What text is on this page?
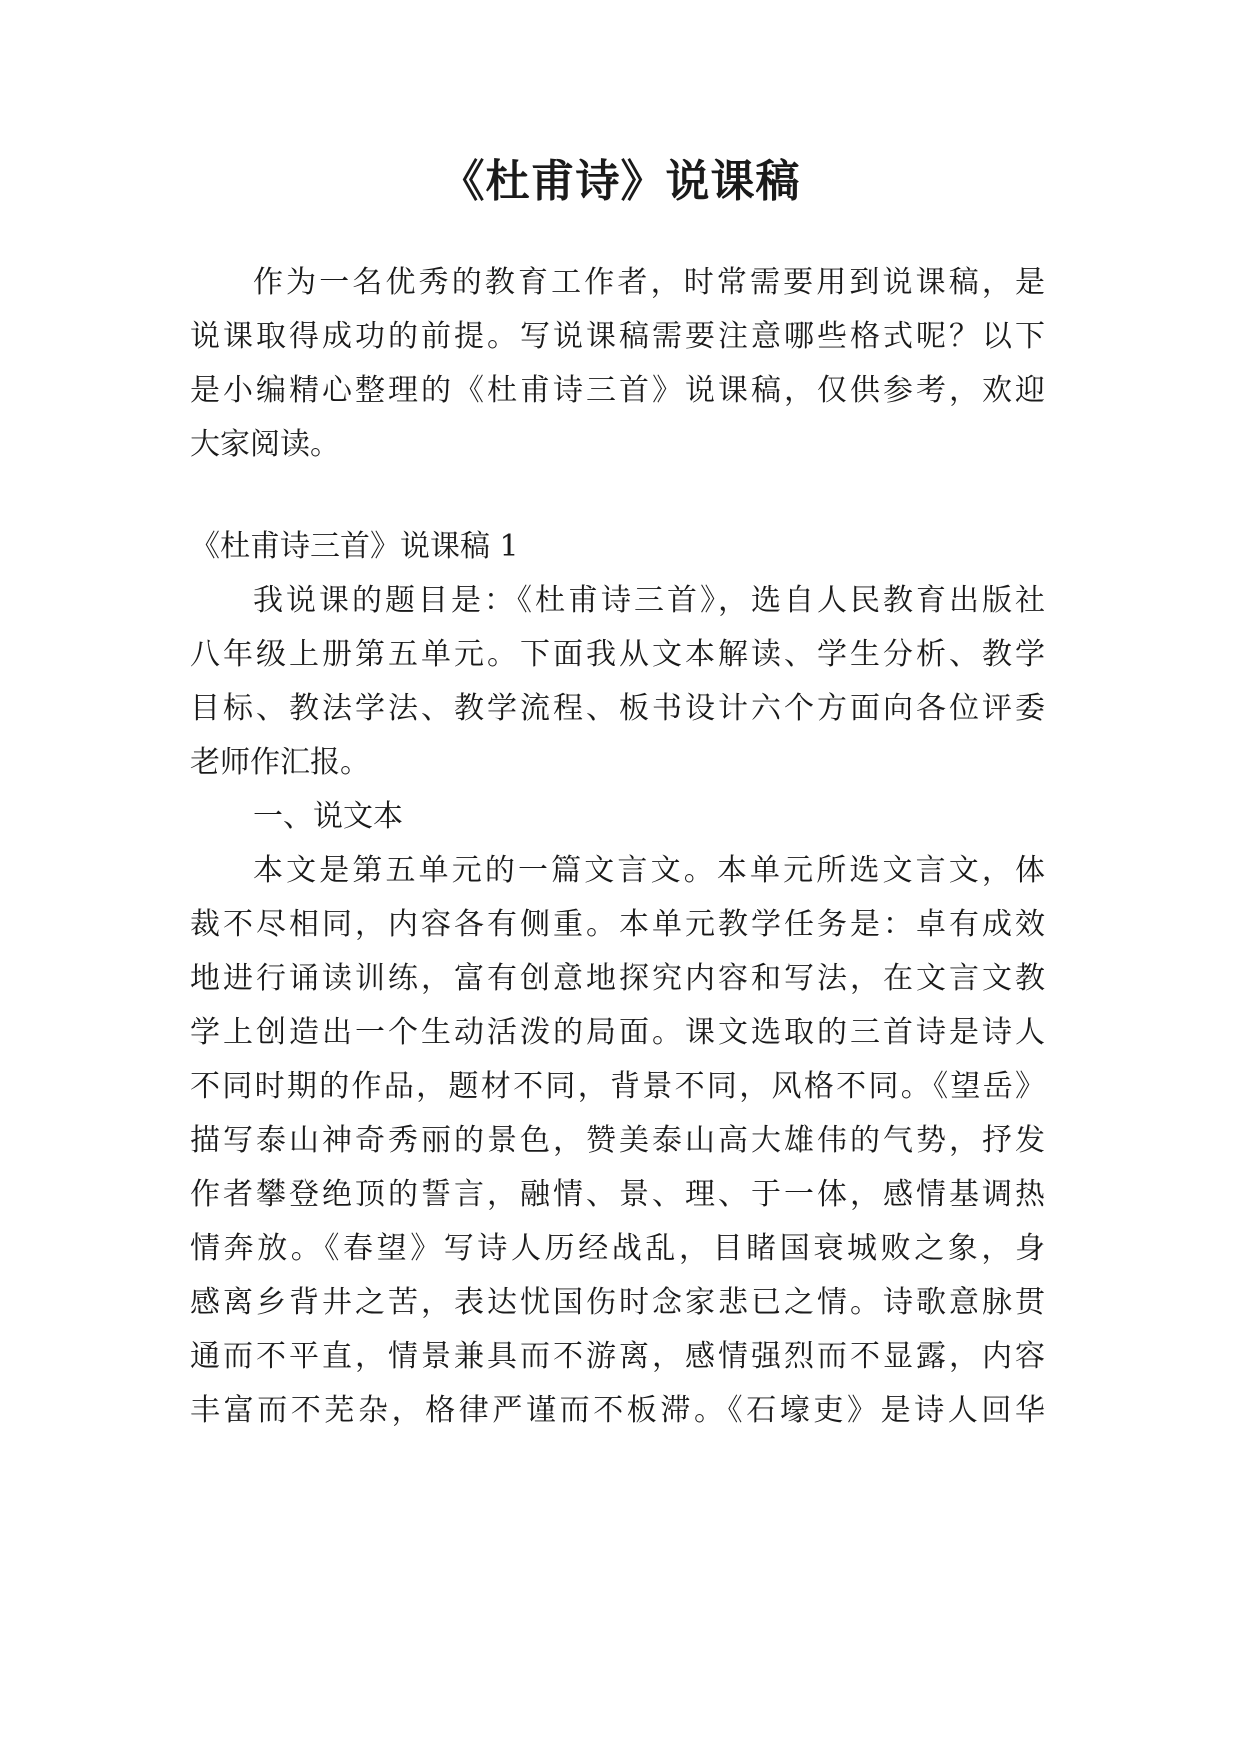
《杜甫诗》说课稿
作为一名优秀的教育工作者，时常需要用到说课稿，是
说课取得成功的前提。写说课稿需要注意哪些格式呢？以下
是小编精心整理的《杜甫诗三首》说课稿，仅供参考，欢迎
大家阅读。
《杜甫诗三首》说课稿 1
我说课的题目是：《杜甫诗三首》，选自人民教育出版社
八年级上册第五单元。下面我从文本解读、学生分析、教学
目标、教法学法、教学流程、板书设计六个方面向各位评委
老师作汇报。
一、说文本
本文是第五单元的一篇文言文。本单元所选文言文，体
裁不尽相同，内容各有侧重。本单元教学任务是：卓有成效
地进行诵读训练，富有创意地探究内容和写法，在文言文教
学上创造出一个生动活泼的局面。课文选取的三首诗是诗人
不同时期的作品，题材不同，背景不同，风格不同。《望岳》
描写泰山神奇秀丽的景色，赞美泰山高大雄伟的气势，抒发
作者攀登绝顶的誓言，融情、景、理、于一体，感情基调热
情奔放。《春望》写诗人历经战乱，目睹国衰城败之象，身
感离乡背井之苦，表达忧国伤时念家悲已之情。诗歌意脉贯
通而不平直，情景兼具而不游离，感情强烈而不显露，内容
丰富而不芜杂，格律严谨而不板滞。《石壕吏》是诗人回华
